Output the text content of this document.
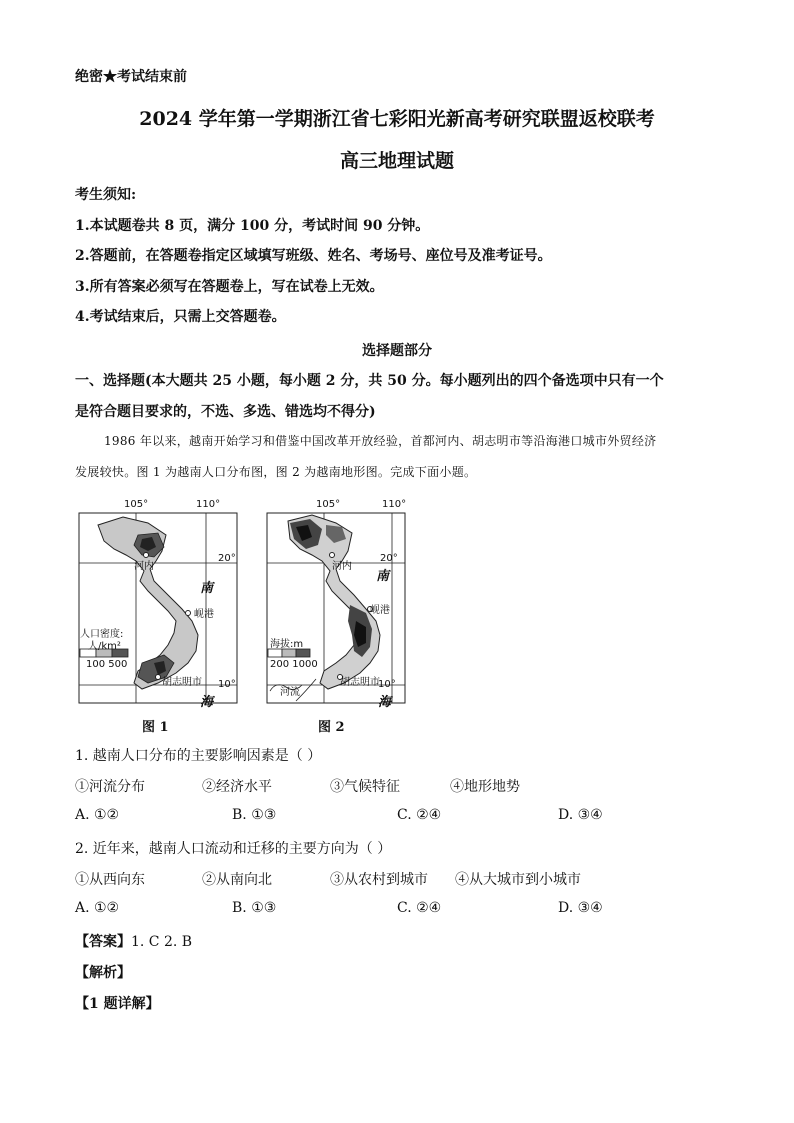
绝密★考试结束前
2024 学年第一学期浙江省七彩阳光新高考研究联盟返校联考
高三地理试题
考生须知:
1.本试题卷共 8 页，满分 100 分，考试时间 90 分钟。
2.答题前，在答题卷指定区域填写班级、姓名、考场号、座位号及准考证号。
3.所有答案必须写在答题卷上，写在试卷上无效。
4.考试结束后，只需上交答题卷。
选择题部分
一、选择题(本大题共 25 小题，每小题 2 分，共 50 分。每小题列出的四个备选项中只有一个
是符合题目要求的，不选、多选、错选均不得分)
1986 年以来，越南开始学习和借鉴中国改革开放经验，首都河内、胡志明市等沿海港口城市外贸经济
发展较快。图 1 为越南人口分布图，图 2 为越南地形图。完成下面小题。
105°	110°
20°
10°
河内
岘港
胡志明市
南
海
人口密度:
人/km²
100 500
图 1
105°	110°
20°
10°
河内
岘港
胡志明市
南
海
海拔:m
200 1000
河流
图 2
1. 越南人口分布的主要影响因素是（ ）
①河流分布	②经济水平	③气候特征	④地形地势
A. ①②	B. ①③	C. ②④	D. ③④
2. 近年来，越南人口流动和迁移的主要方向为（ ）
①从西向东	②从南向北	③从农村到城市 ④从大城市到小城市
A. ①②	B. ①③	C. ②④	D. ③④
【答案】1. C 2. B
【解析】
【1 题详解】
